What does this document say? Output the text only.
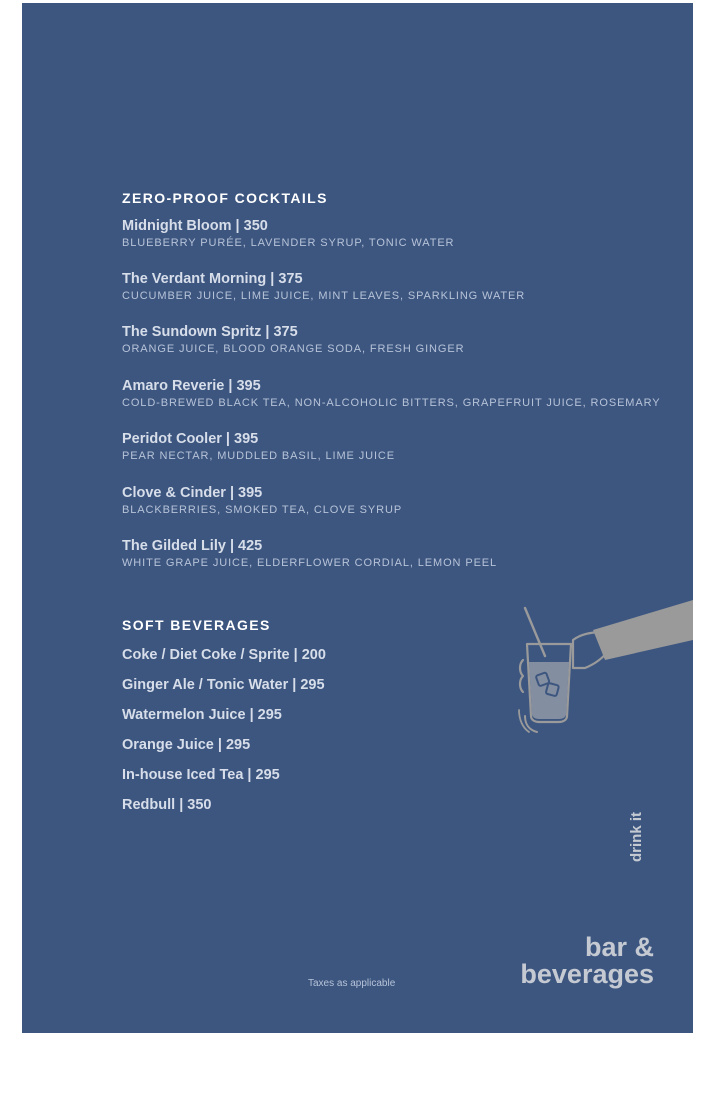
ZERO-PROOF COCKTAILS
Midnight Bloom | 350
BLUEBERRY PURÉE, LAVENDER SYRUP, TONIC WATER
The Verdant Morning | 375
CUCUMBER JUICE, LIME JUICE, MINT LEAVES, SPARKLING WATER
The Sundown Spritz | 375
ORANGE JUICE, BLOOD ORANGE SODA, FRESH GINGER
Amaro Reverie | 395
COLD-BREWED BLACK TEA, NON-ALCOHOLIC BITTERS, GRAPEFRUIT JUICE, ROSEMARY
Peridot Cooler | 395
PEAR NECTAR, MUDDLED BASIL, LIME JUICE
Clove & Cinder | 395
BLACKBERRIES, SMOKED TEA, CLOVE SYRUP
The Gilded Lily | 425
WHITE GRAPE JUICE, ELDERFLOWER CORDIAL, LEMON PEEL
SOFT BEVERAGES
Coke / Diet Coke / Sprite | 200
Ginger Ale / Tonic Water | 295
Watermelon Juice | 295
Orange Juice | 295
In-house Iced Tea | 295
Redbull | 350
drink it
bar &
beverages
Taxes as applicable
